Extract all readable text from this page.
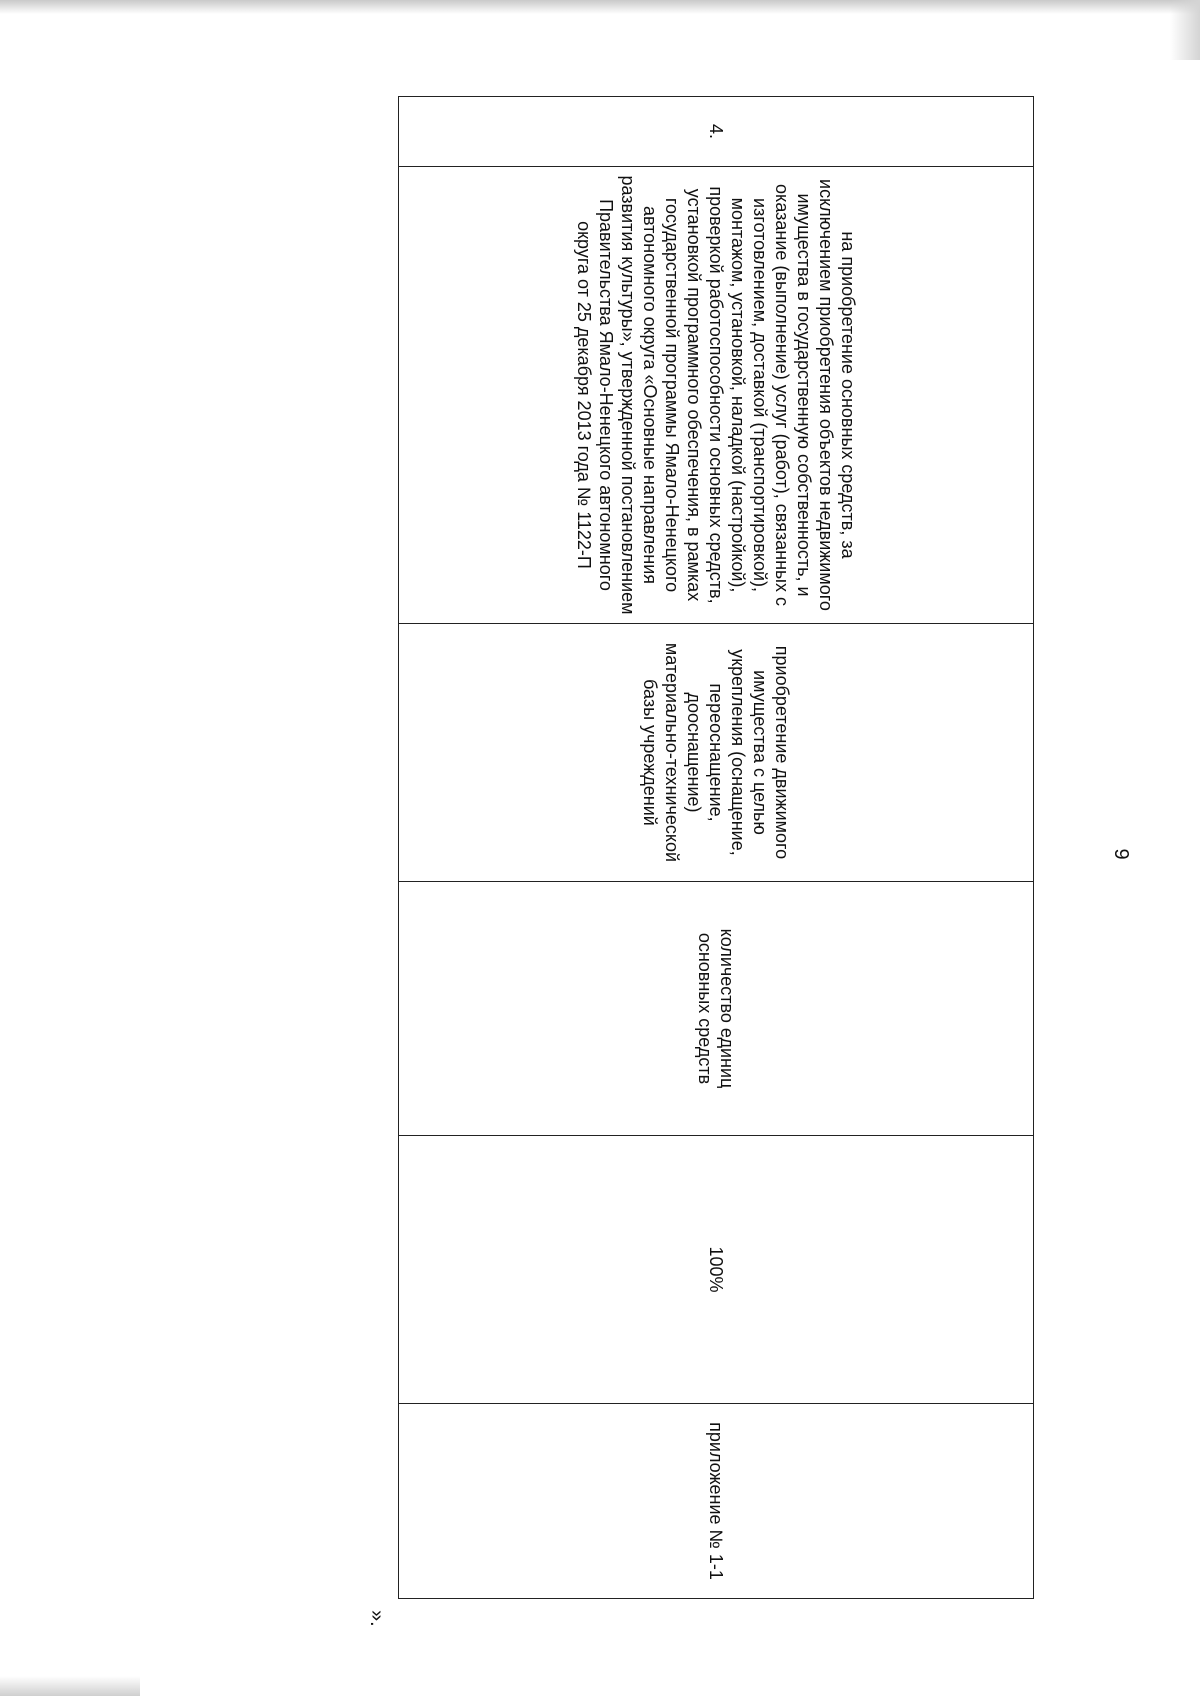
9
4.	на приобретение основных средств, за исключением приобретения объектов недвижимого имущества в государственную собственность, и оказание (выполнение) услуг (работ), связанных с изготовлением, доставкой (транспортировкой), монтажом, установкой, наладкой (настройкой), проверкой работоспособности основных средств, установкой программного обеспечения, в рамках государственной программы Ямало-Ненецкого автономного округа «Основные направления развития культуры», утвержденной постановлением Правительства Ямало-Ненецкого автономного округа от 25 декабря 2013 года № 1122-П	приобретение движимого имущества с целью укрепления (оснащение, переоснащение, дооснащение) материально-технической базы учреждений	количество единиц основных средств	100%	приложение № 1-1
».
